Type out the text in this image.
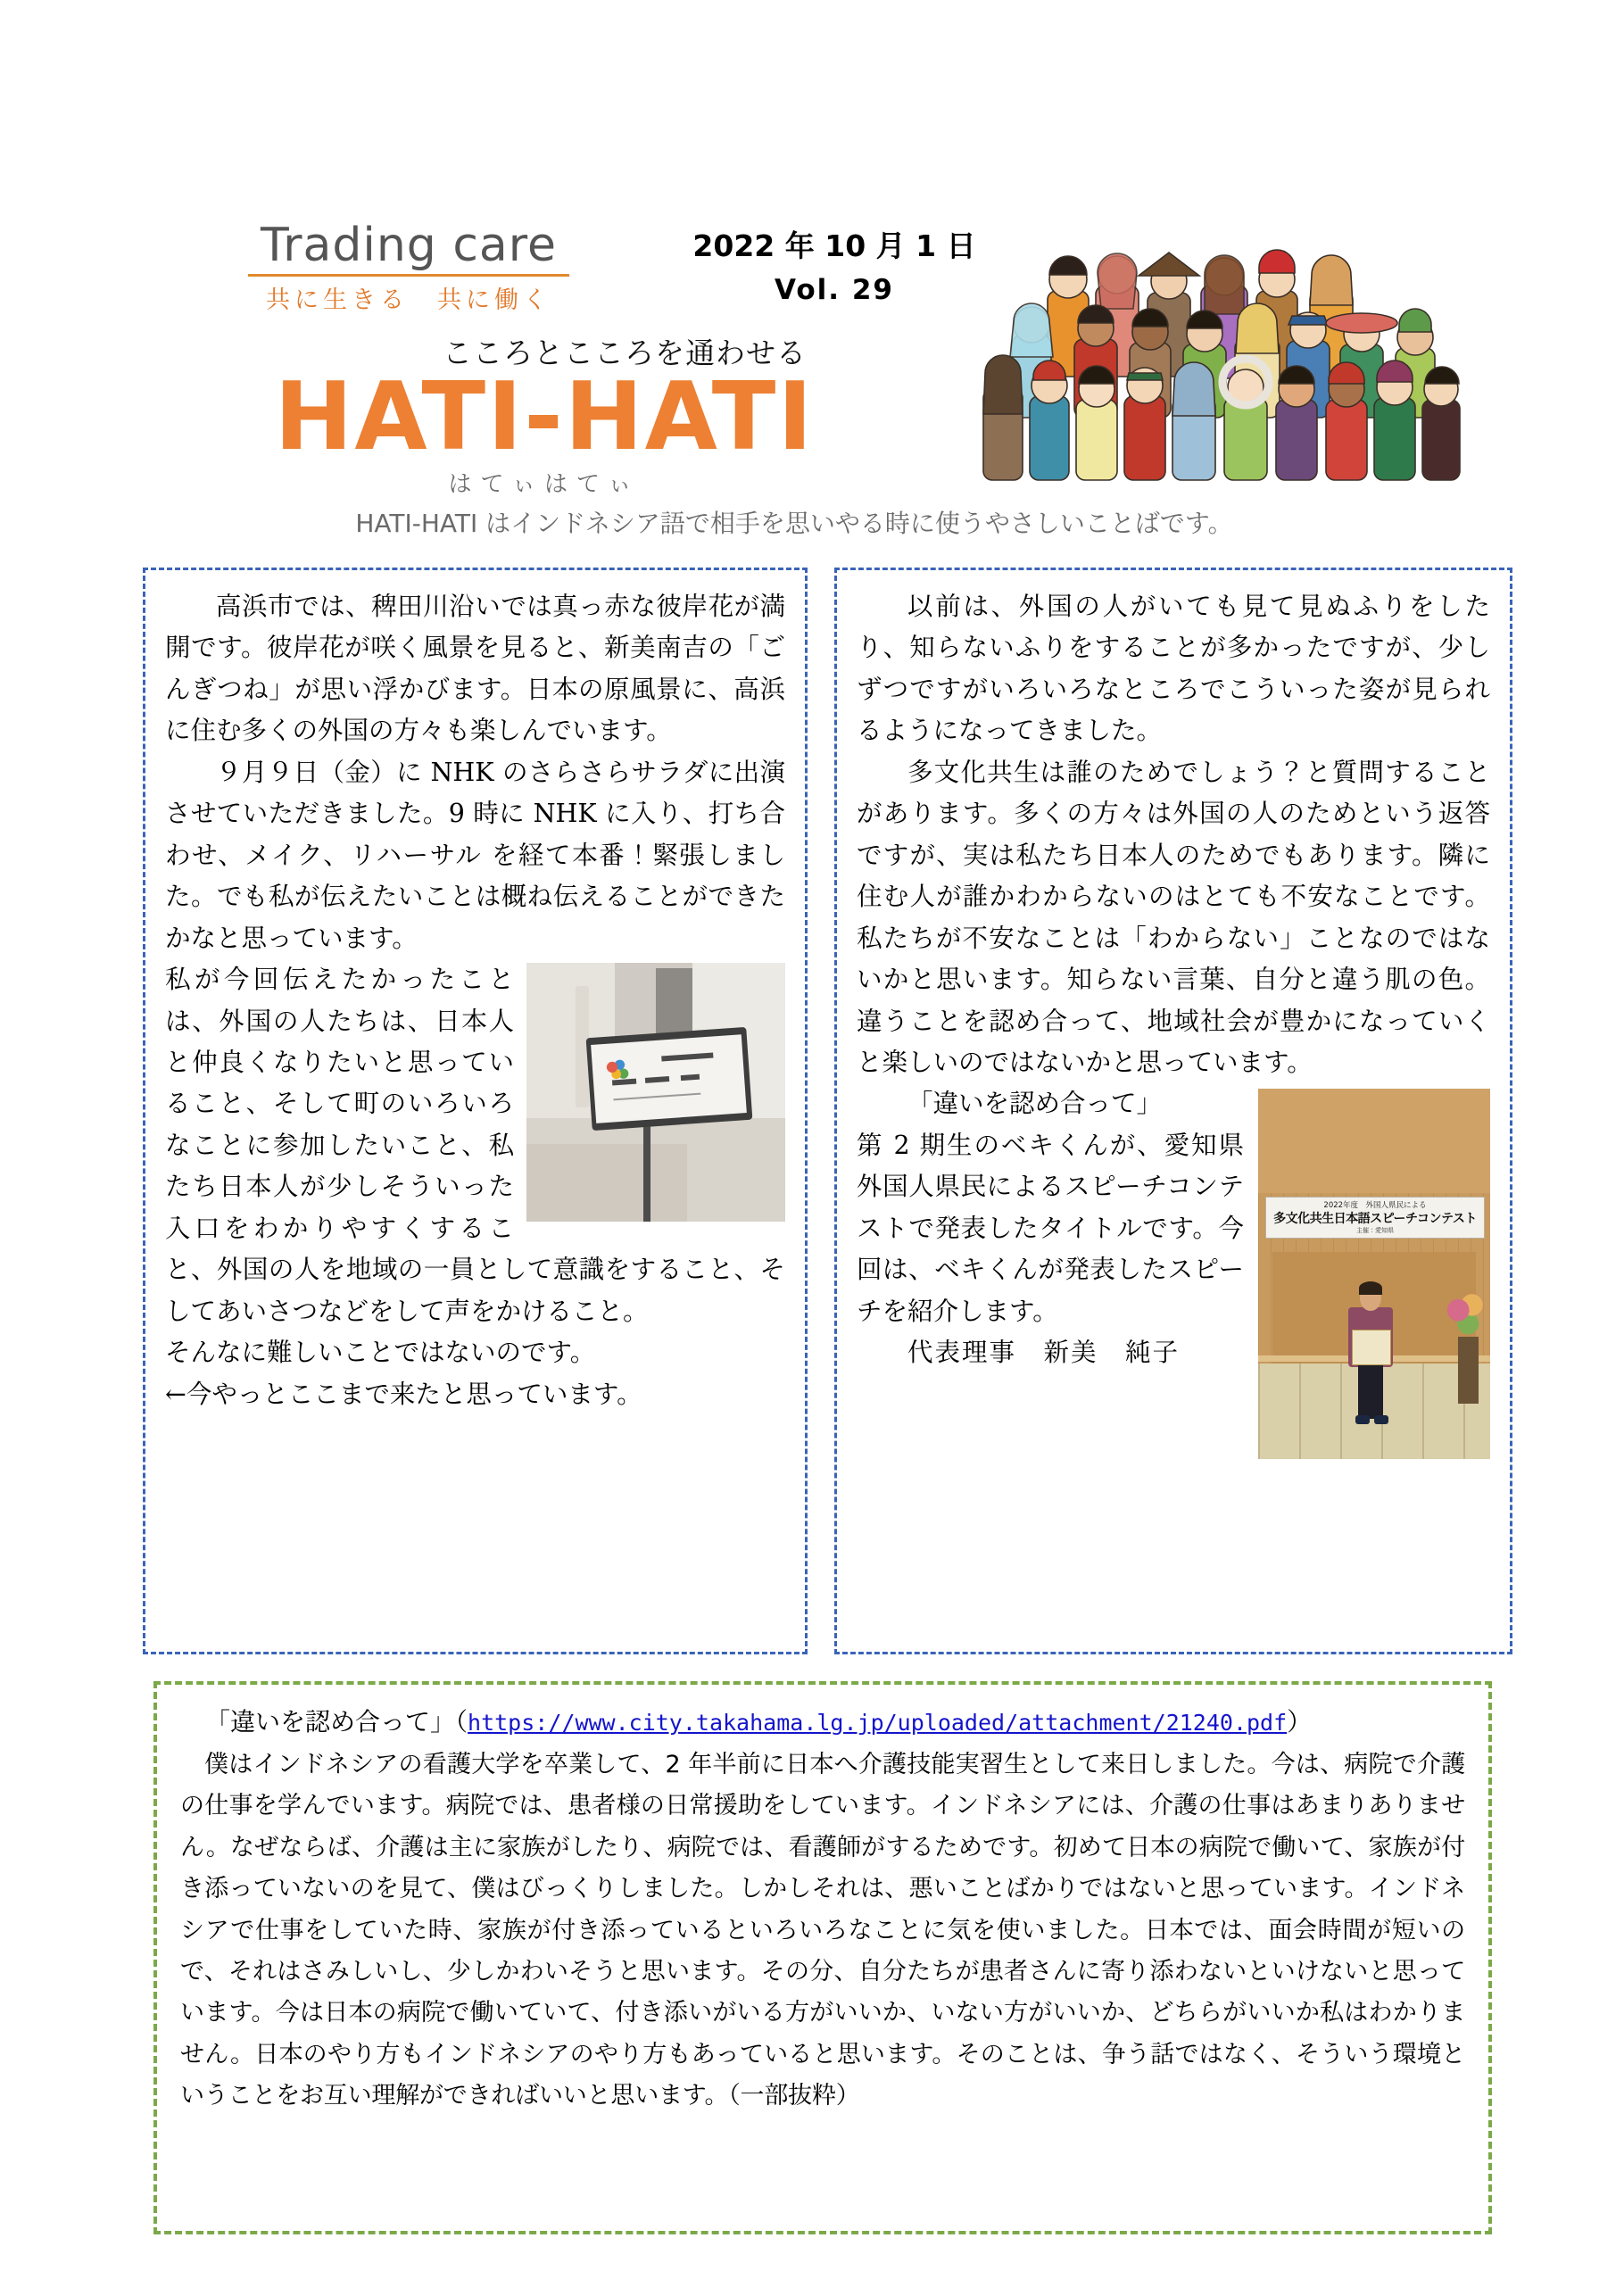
Trading care
共に生きる　共に働く
2022 年 10 月 1 日
Vol. 29
こころとこころを通わせる
HATI-HATI
はてぃはてぃ
HATI-HATI はインドネシア語で相手を思いやる時に使うやさしいことばです。

高浜市では、稗田川沿いでは真っ赤な彼岸花が満開です。彼岸花が咲く風景を見ると、新美南吉の「ごんぎつね」が思い浮かびます。日本の原風景に、高浜に住む多くの外国の方々も楽しんでいます。

９月９日（金）に NHK のさらさらサラダに出演させていただきました。9 時に NHK に入り、打ち合わせ、メイク、リハーサル を経て本番！緊張しました。でも私が伝えたいことは概ね伝えることができたかなと思っています。

私が今回伝えたかったことは、外国の人たちは、日本人と仲良くなりたいと思っていること、そして町のいろいろなことに参加したいこと、私たち日本人が少しそういった入口をわかりやすくすること、外国の人を地域の一員として意識をすること、そしてあいさつなどをして声をかけること。

そんなに難しいことではないのです。

←今やっとここまで来たと思っています。

以前は、外国の人がいても見て見ぬふりをしたり、知らないふりをすることが多かったですが、少しずつですがいろいろなところでこういった姿が見られるようになってきました。

多文化共生は誰のためでしょう？と質問することがあります。多くの方々は外国の人のためという返答ですが、実は私たち日本人のためでもあります。隣に住む人が誰かわからないのはとても不安なことです。私たちが不安なことは「わからない」ことなのではないかと思います。知らない言葉、自分と違う肌の色。違うことを認め合って、地域社会が豊かになっていくと楽しいのではないかと思っています。

2022年度　外国人県民による
多文化共生日本語スピーチコンテスト
主催：愛知県

「違いを認め合って」

第 2 期生のベキくんが、愛知県外国人県民によるスピーチコンテストで発表したタイトルです。今回は、ベキくんが発表したスピーチを紹介します。

代表理事　新美　純子

「違いを認め合って」（https://www.city.takahama.lg.jp/uploaded/attachment/21240.pdf）
僕はインドネシアの看護大学を卒業して、2 年半前に日本へ介護技能実習生として来日しました。今は、病院で介護の仕事を学んでいます。病院では、患者様の日常援助をしています。インドネシアには、介護の仕事はあまりありません。なぜならば、介護は主に家族がしたり、病院では、看護師がするためです。初めて日本の病院で働いて、家族が付き添っていないのを見て、僕はびっくりしました。しかしそれは、悪いことばかりではないと思っています。インドネシアで仕事をしていた時、家族が付き添っているといろいろなことに気を使いました。日本では、面会時間が短いので、それはさみしいし、少しかわいそうと思います。その分、自分たちが患者さんに寄り添わないといけないと思っています。今は日本の病院で働いていて、付き添いがいる方がいいか、いない方がいいか、どちらがいいか私はわかりません。日本のやり方もインドネシアのやり方もあっていると思います。そのことは、争う話ではなく、そういう環境ということをお互い理解ができればいいと思います。（一部抜粋）
